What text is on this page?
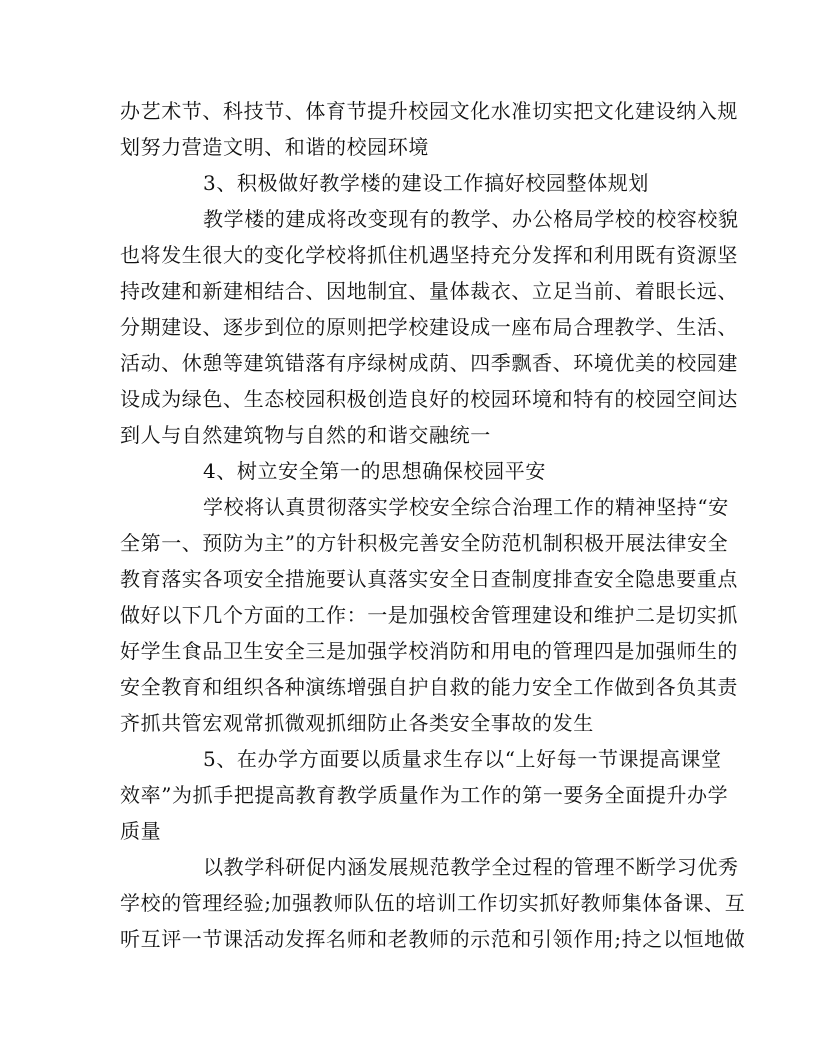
办艺术节、科技节、体育节提升校园文化水准切实把文化建设纳入规
划努力营造文明、和谐的校园环境
3、积极做好教学楼的建设工作搞好校园整体规划
教学楼的建成将改变现有的教学、办公格局学校的校容校貌
也将发生很大的变化学校将抓住机遇坚持充分发挥和利用既有资源坚
持改建和新建相结合、因地制宜、量体裁衣、立足当前、着眼长远、
分期建设、逐步到位的原则把学校建设成一座布局合理教学、生活、
活动、休憩等建筑错落有序绿树成荫、四季飘香、环境优美的校园建
设成为绿色、生态校园积极创造良好的校园环境和特有的校园空间达
到人与自然建筑物与自然的和谐交融统一
4、树立安全第一的思想确保校园平安
学校将认真贯彻落实学校安全综合治理工作的精神坚持“安
全第一、预防为主”的方针积极完善安全防范机制积极开展法律安全
教育落实各项安全措施要认真落实安全日查制度排查安全隐患要重点
做好以下几个方面的工作：一是加强校舍管理建设和维护二是切实抓
好学生食品卫生安全三是加强学校消防和用电的管理四是加强师生的
安全教育和组织各种演练增强自护自救的能力安全工作做到各负其责
齐抓共管宏观常抓微观抓细防止各类安全事故的发生
5、在办学方面要以质量求生存以“上好每一节课提高课堂
效率”为抓手把提高教育教学质量作为工作的第一要务全面提升办学
质量
以教学科研促内涵发展规范教学全过程的管理不断学习优秀
学校的管理经验;加强教师队伍的培训工作切实抓好教师集体备课、互
听互评一节课活动发挥名师和老教师的示范和引领作用;持之以恒地做
